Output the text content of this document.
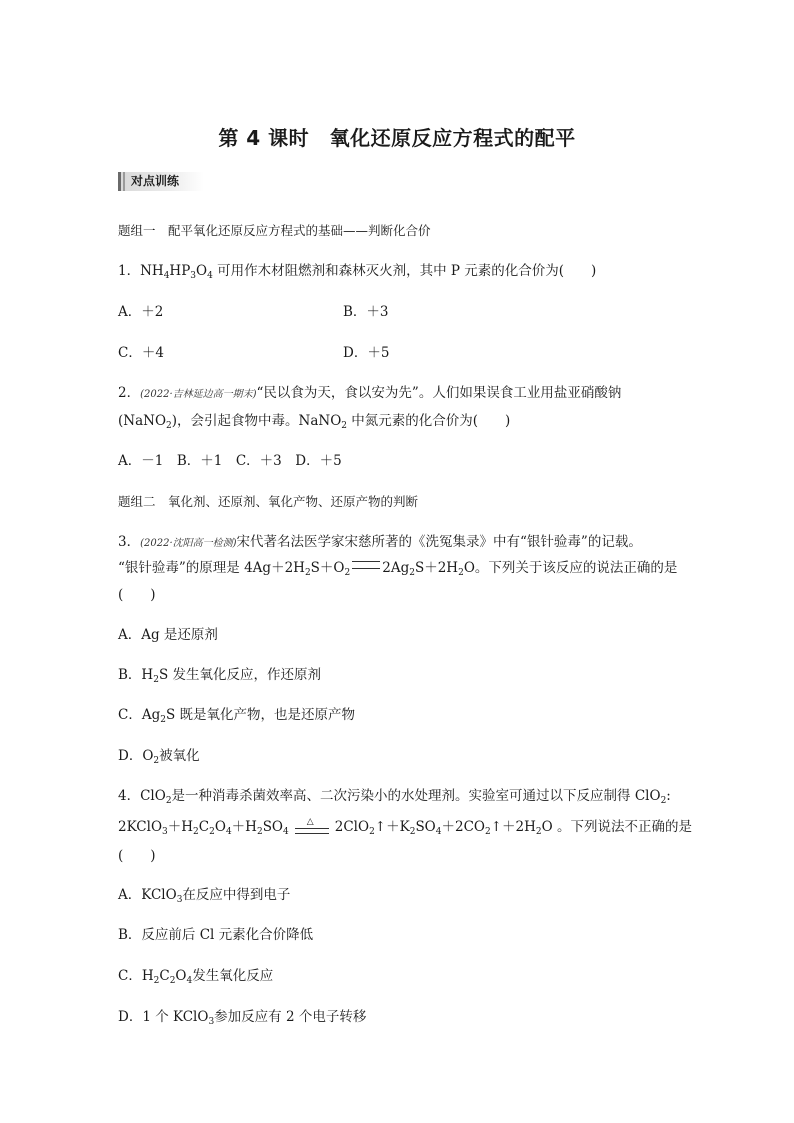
第 4 课时　氧化还原反应方程式的配平
对点训练
题组一　配平氧化还原反应方程式的基础——判断化合价
1．$NH_4HP_3O_4$ 可用作木材阻燃剂和森林灭火剂，其中 P 元素的化合价为(　　)
A．＋2	B．＋3
C．＋4	D．＋5
2．(2022·吉林延边高一期末)“民以食为天，食以安为先”。人们如果误食工业用盐亚硝酸钠
(NaNO$_2$)，会引起食物中毒。NaNO$_2$ 中氮元素的化合价为(　　)
A．－1　B．＋1　C．＋3　D．＋5
题组二　氧化剂、还原剂、氧化产物、还原产物的判断
3．(2022·沈阳高一检测)宋代著名法医学家宋慈所著的《洗冤集录》中有“银针验毒”的记载。
“银针验毒”的原理是 $4Ag+2H_2S+O_2$ $2Ag_2S+2H_2O$。下列关于该反应的说法正确的是
(　　)
A．Ag 是还原剂
B．$H_2S$ 发生氧化反应，作还原剂
C．$Ag_2S$ 既是氧化产物，也是还原产物
D．$O_2$被氧化
4．ClO$_2$是一种消毒杀菌效率高、二次污染小的水处理剂。实验室可通过以下反应制得 ClO$_2$:
$2KClO_3+H_2C_2O_4+H_2SO_4$
△ $2ClO_2↑+K_2SO_4+2CO_2↑+2H_2O$ 。下列说法不正确的是
(　　)
A．KClO$_3$在反应中得到电子
B．反应前后 Cl 元素化合价降低
C．$H_2C_2O_4$发生氧化反应
D．1 个 KClO$_3$参加反应有 2 个电子转移
